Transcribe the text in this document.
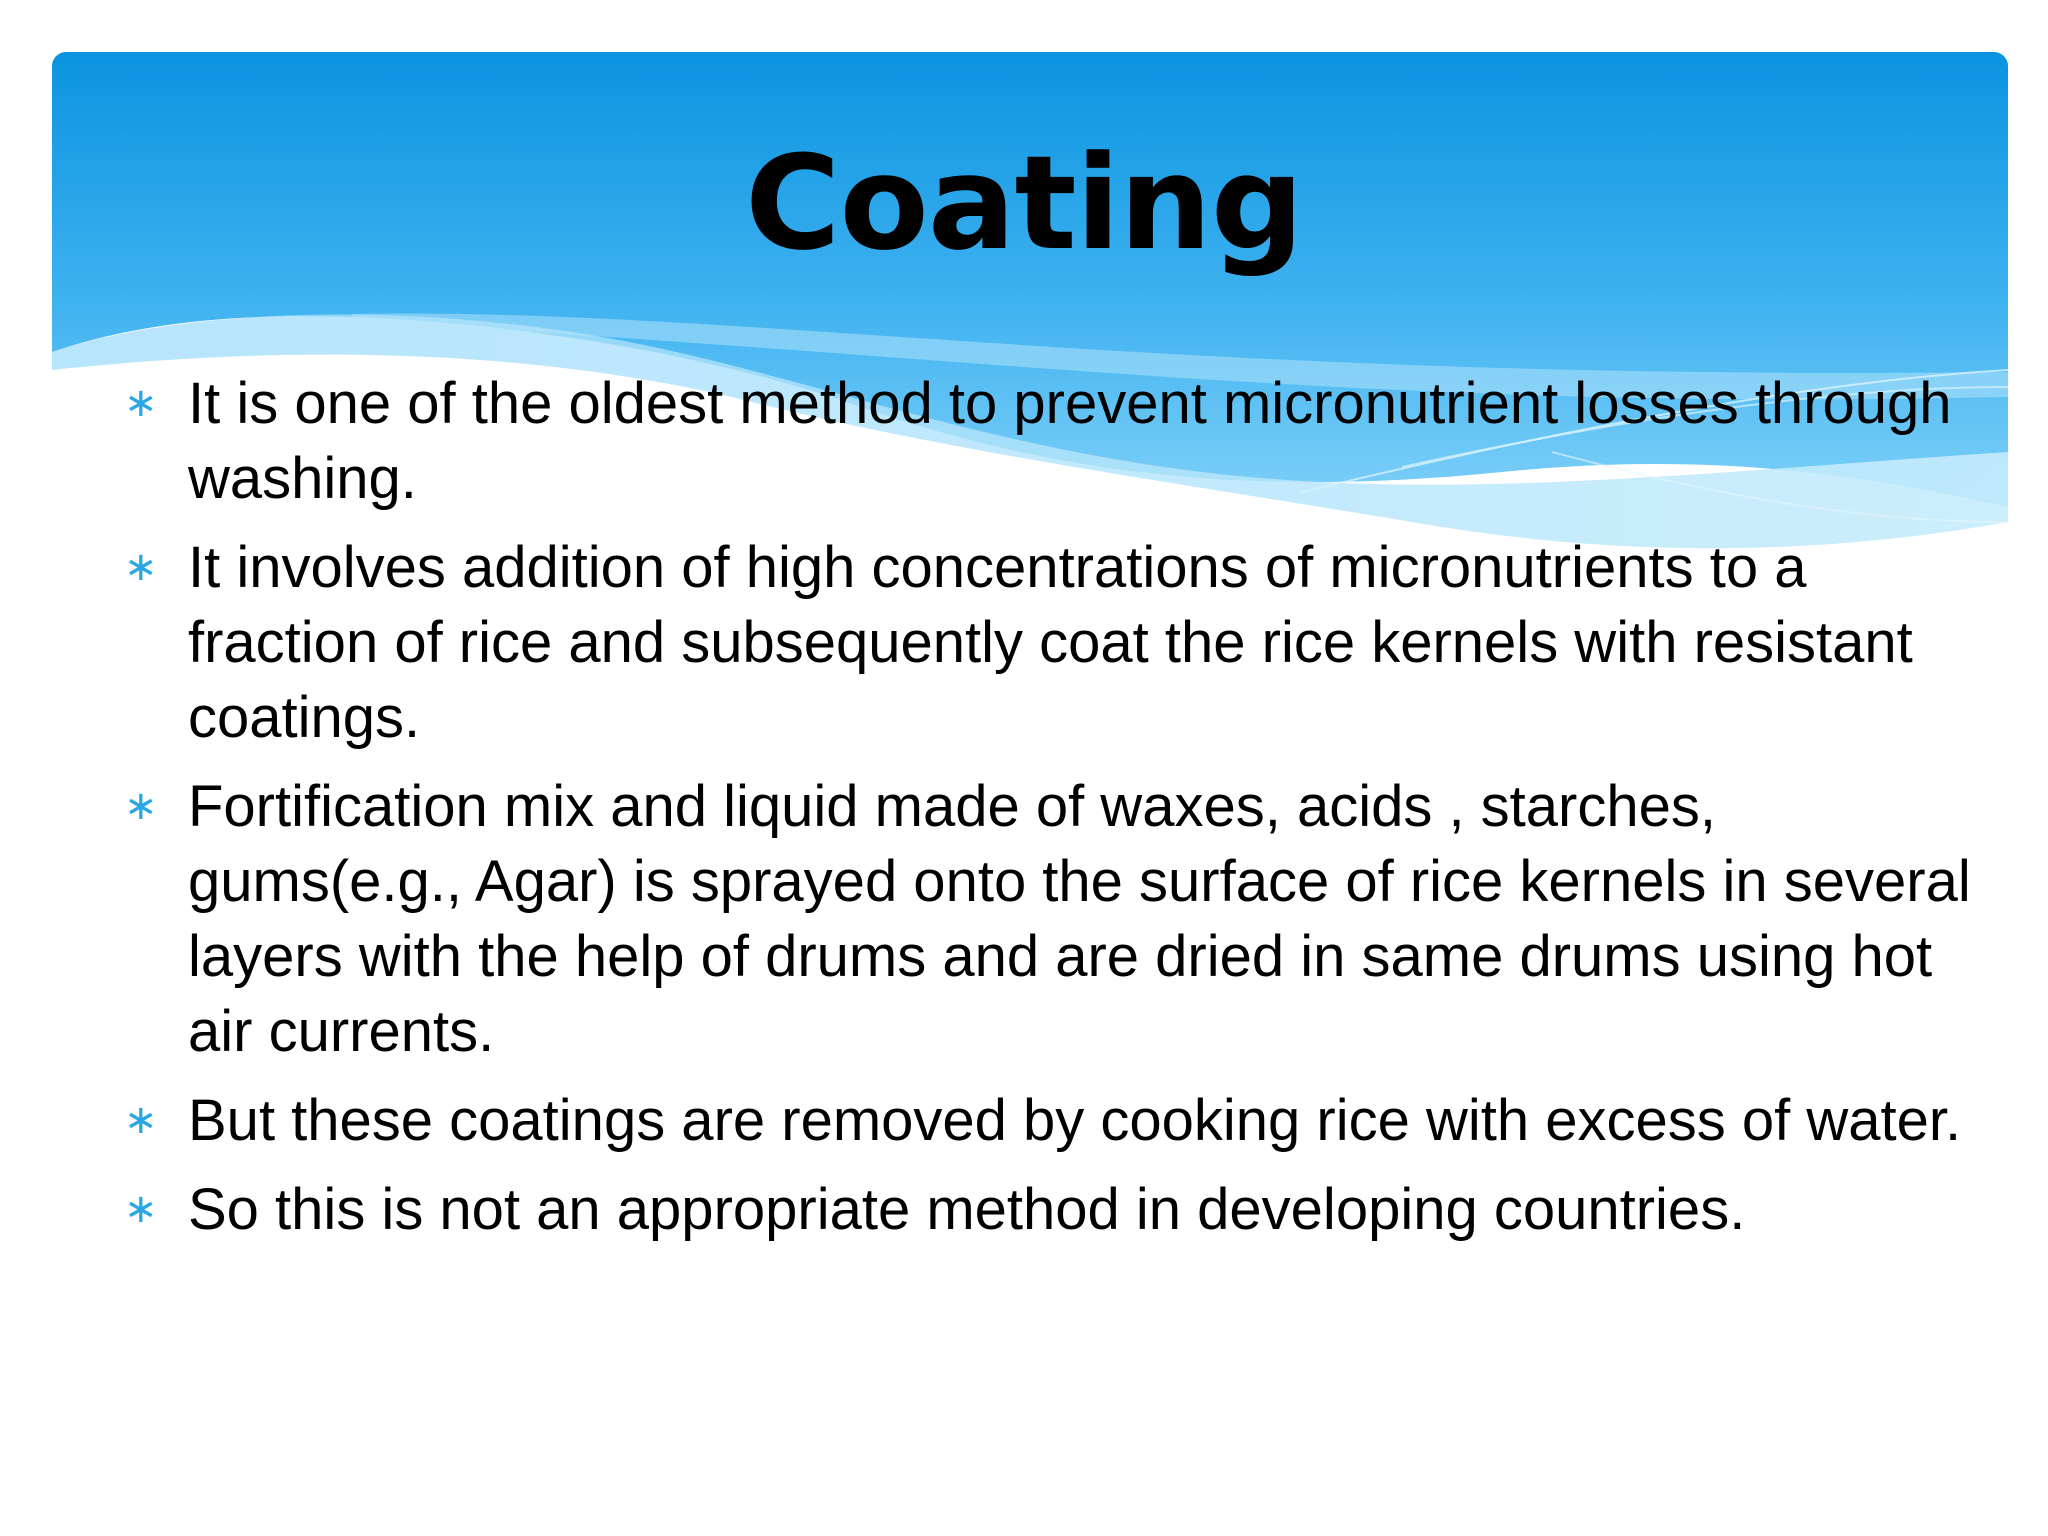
Coating
∗ It is one of the oldest method to prevent micronutrient losses through washing.
∗ It involves addition of high concentrations of micronutrients to a fraction of rice and subsequently coat the rice kernels with resistant coatings.
∗ Fortification mix and liquid made of waxes, acids , starches, gums(e.g., Agar) is sprayed onto the surface of rice kernels in several layers with the help of drums and are dried in same drums using hot air currents.
∗ But these coatings are removed by cooking rice with excess of water.
∗ So this is not an appropriate method in developing countries.
